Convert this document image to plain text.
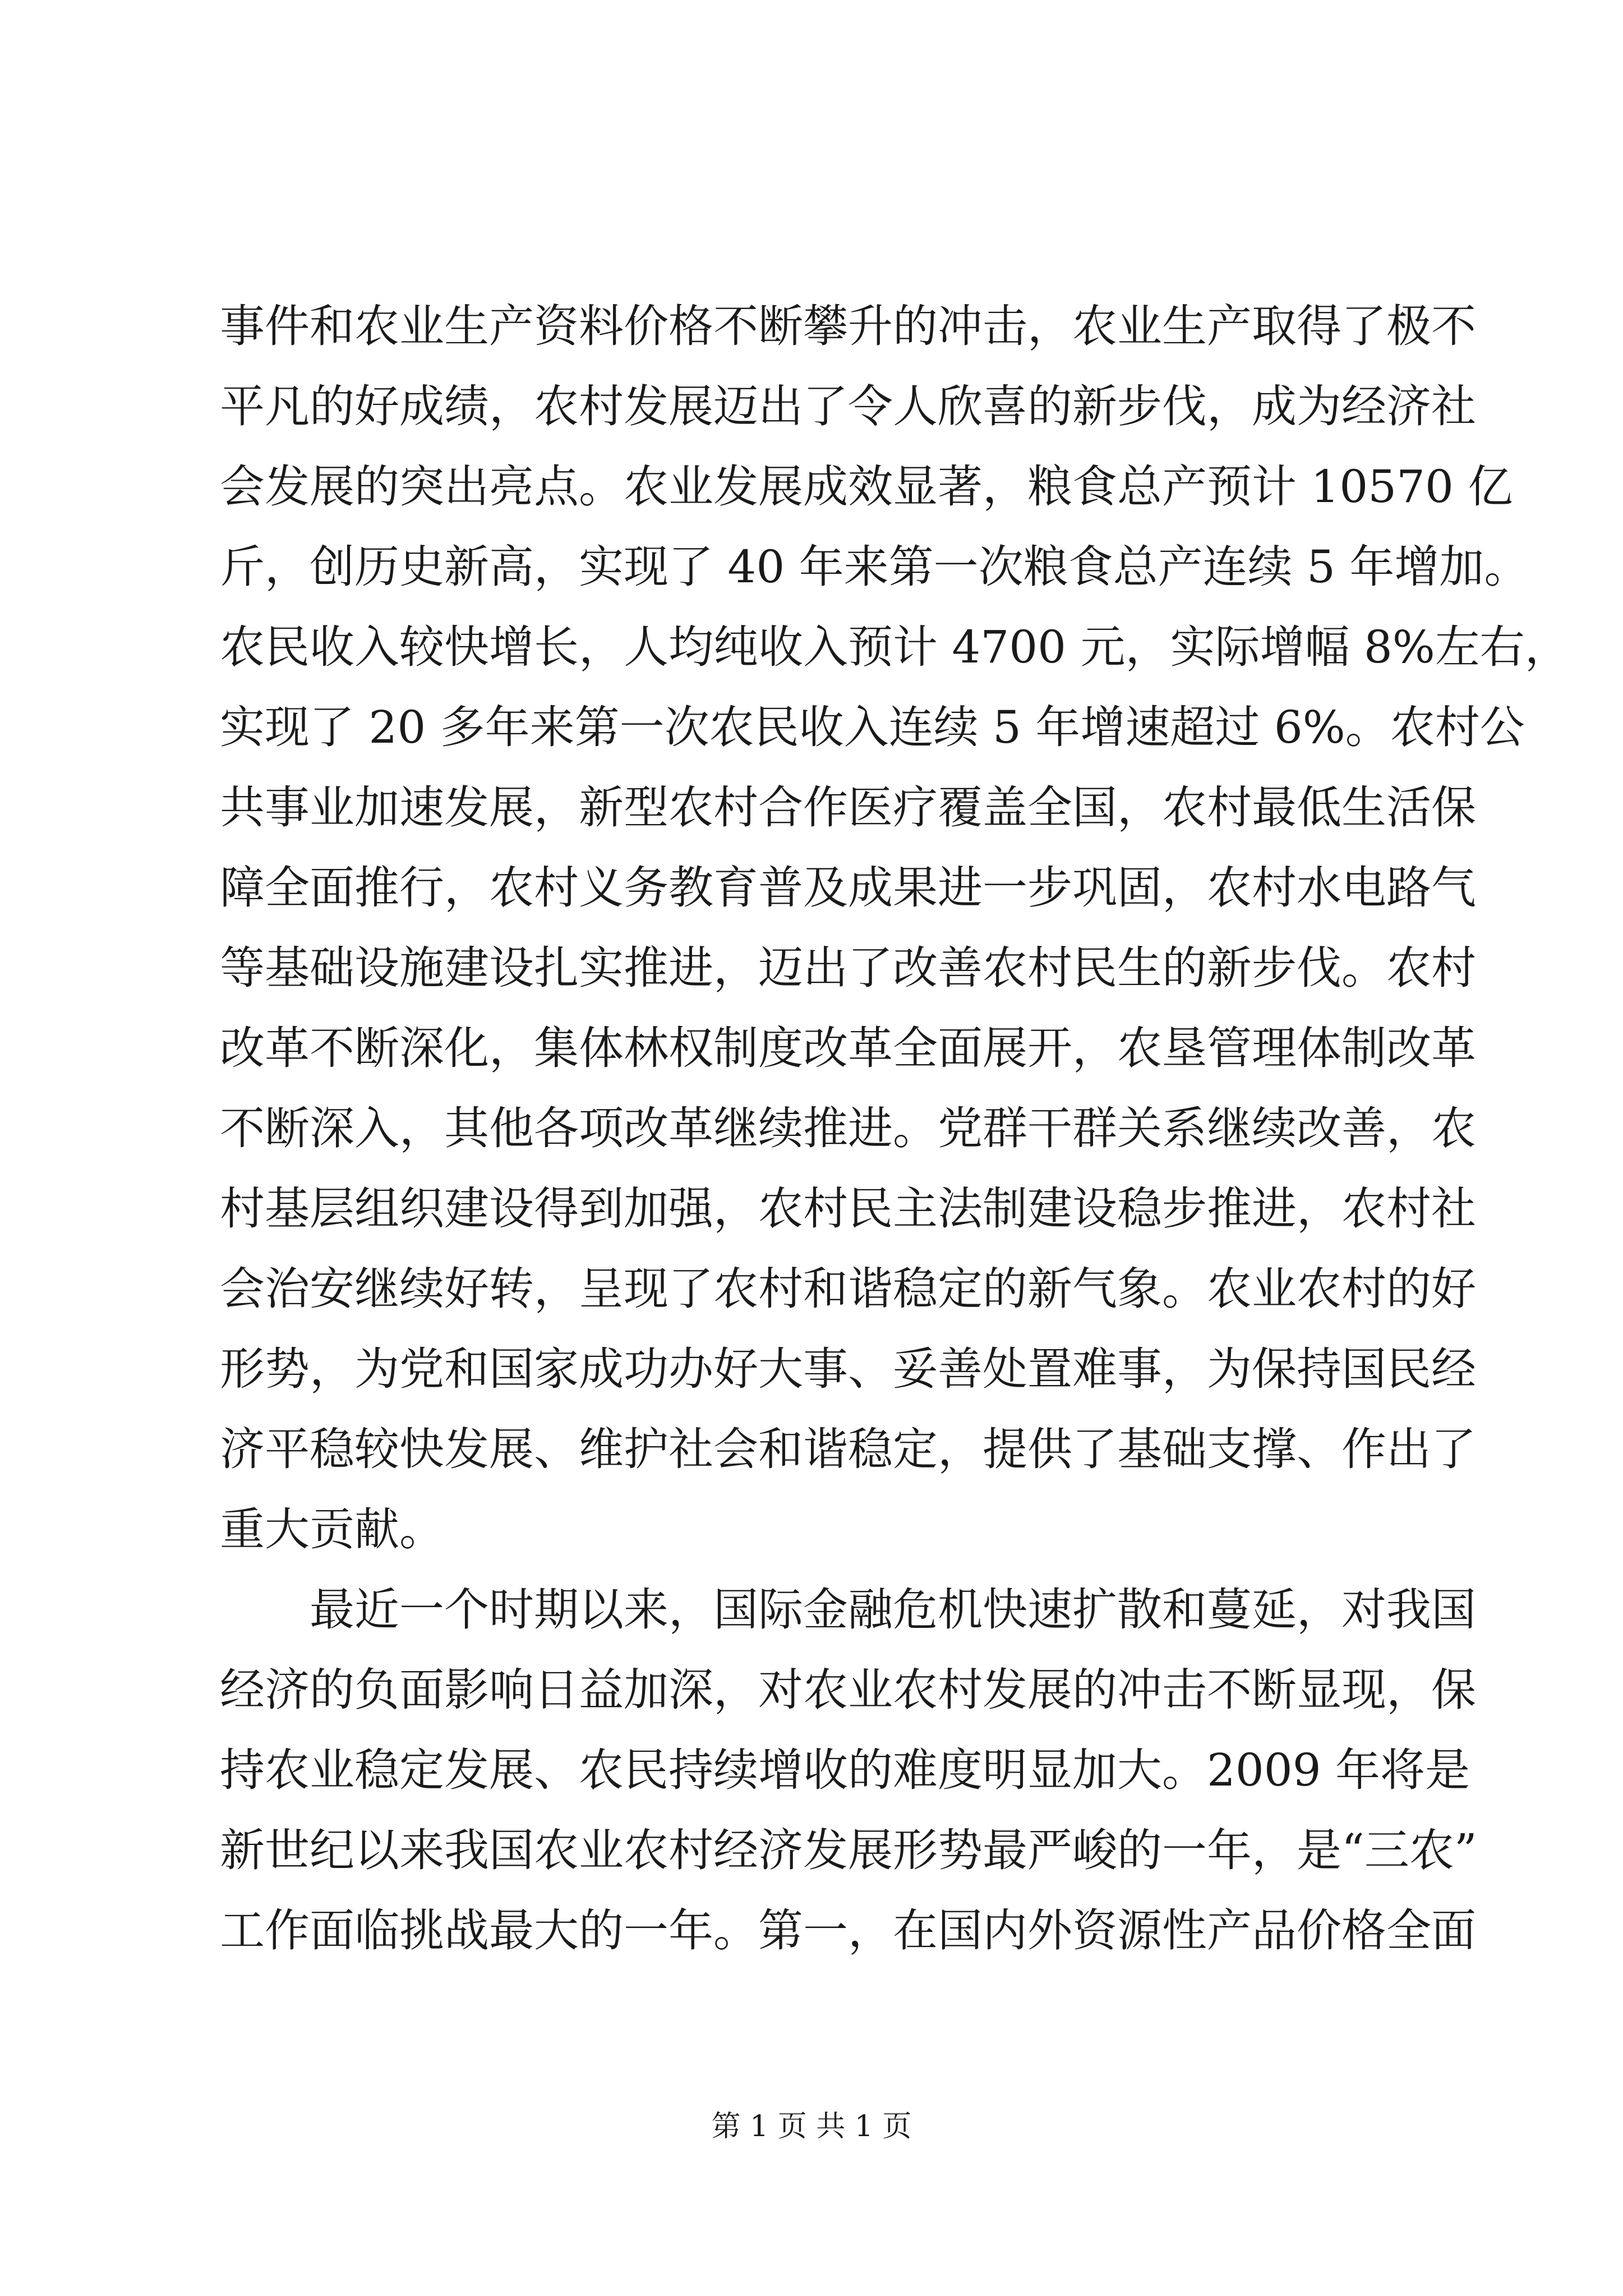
事件和农业生产资料价格不断攀升的冲击，农业生产取得了极不
平凡的好成绩，农村发展迈出了令人欣喜的新步伐，成为经济社
会发展的突出亮点。农业发展成效显著，粮食总产预计 10570 亿
斤，创历史新高，实现了 40 年来第一次粮食总产连续 5 年增加。
农民收入较快增长，人均纯收入预计 4700 元，实际增幅 8%左右，
实现了 20 多年来第一次农民收入连续 5 年增速超过 6%。农村公
共事业加速发展，新型农村合作医疗覆盖全国，农村最低生活保
障全面推行，农村义务教育普及成果进一步巩固，农村水电路气
等基础设施建设扎实推进，迈出了改善农村民生的新步伐。农村
改革不断深化，集体林权制度改革全面展开，农垦管理体制改革
不断深入，其他各项改革继续推进。党群干群关系继续改善，农
村基层组织建设得到加强，农村民主法制建设稳步推进，农村社
会治安继续好转，呈现了农村和谐稳定的新气象。农业农村的好
形势，为党和国家成功办好大事、妥善处置难事，为保持国民经
济平稳较快发展、维护社会和谐稳定，提供了基础支撑、作出了
重大贡献。
最近一个时期以来，国际金融危机快速扩散和蔓延，对我国
经济的负面影响日益加深，对农业农村发展的冲击不断显现，保
持农业稳定发展、农民持续增收的难度明显加大。2009 年将是
新世纪以来我国农业农村经济发展形势最严峻的一年，是“三农”
工作面临挑战最大的一年。第一，在国内外资源性产品价格全面
第 1 页 共 1 页
